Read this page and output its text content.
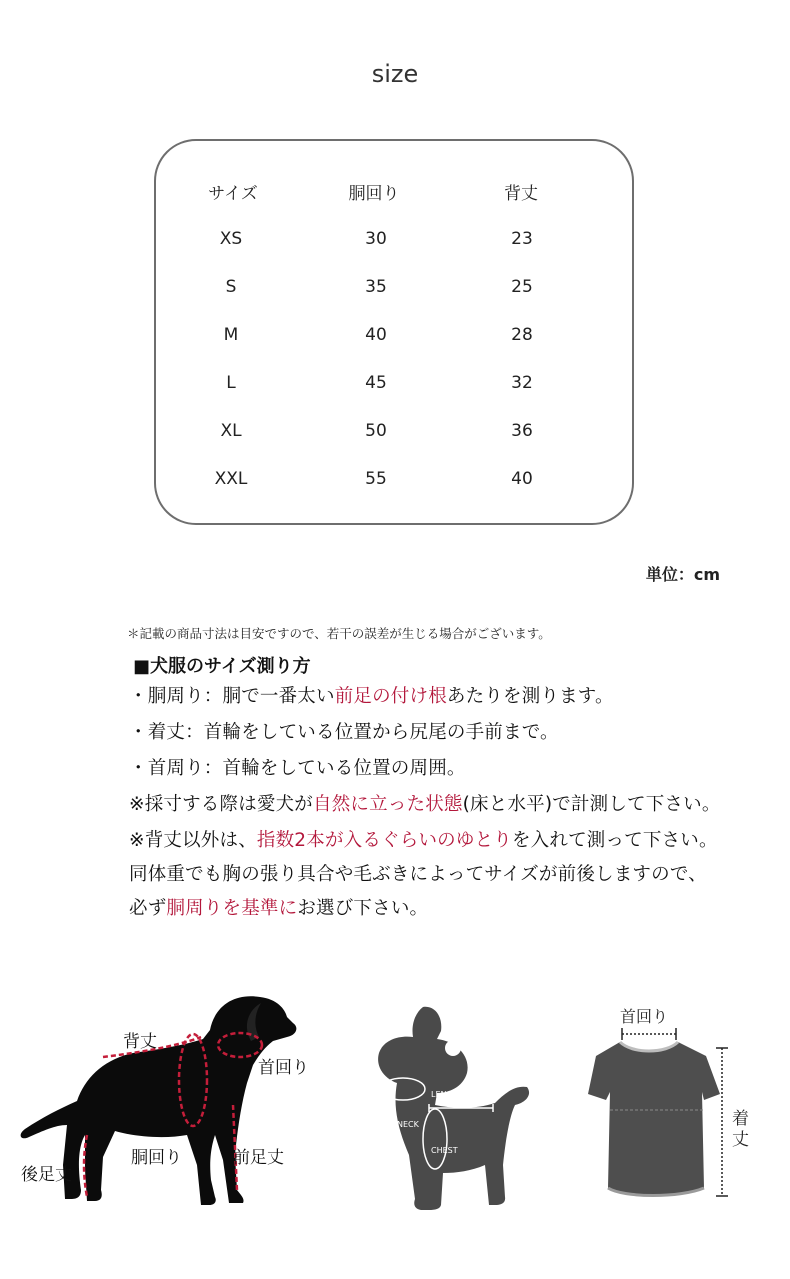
size
サイズ	胴回り	背丈
XS	30	23
S	35	25
M	40	28
L	45	32
XL	50	36
XXL	55	40
単位：cm
＊記載の商品寸法は目安ですので、若干の誤差が生じる場合がございます。
■犬服のサイズ測り方
・胴周り：胴で一番太い前足の付け根あたりを測ります。
・着丈：首輪をしている位置から尻尾の手前まで。
・首周り：首輪をしている位置の周囲。
※採寸する際は愛犬が自然に立った状態(床と水平)で計測して下さい。
※背丈以外は、指数2本が入るぐらいのゆとりを入れて測って下さい。
同体重でも胸の張り具合や毛ぶきによってサイズが前後しますので、
必ず胴周りを基準にお選び下さい。
背丈
首回り
胴回り	前足丈
後足丈
LENGTH
NECK
CHEST
首回り
着
丈
